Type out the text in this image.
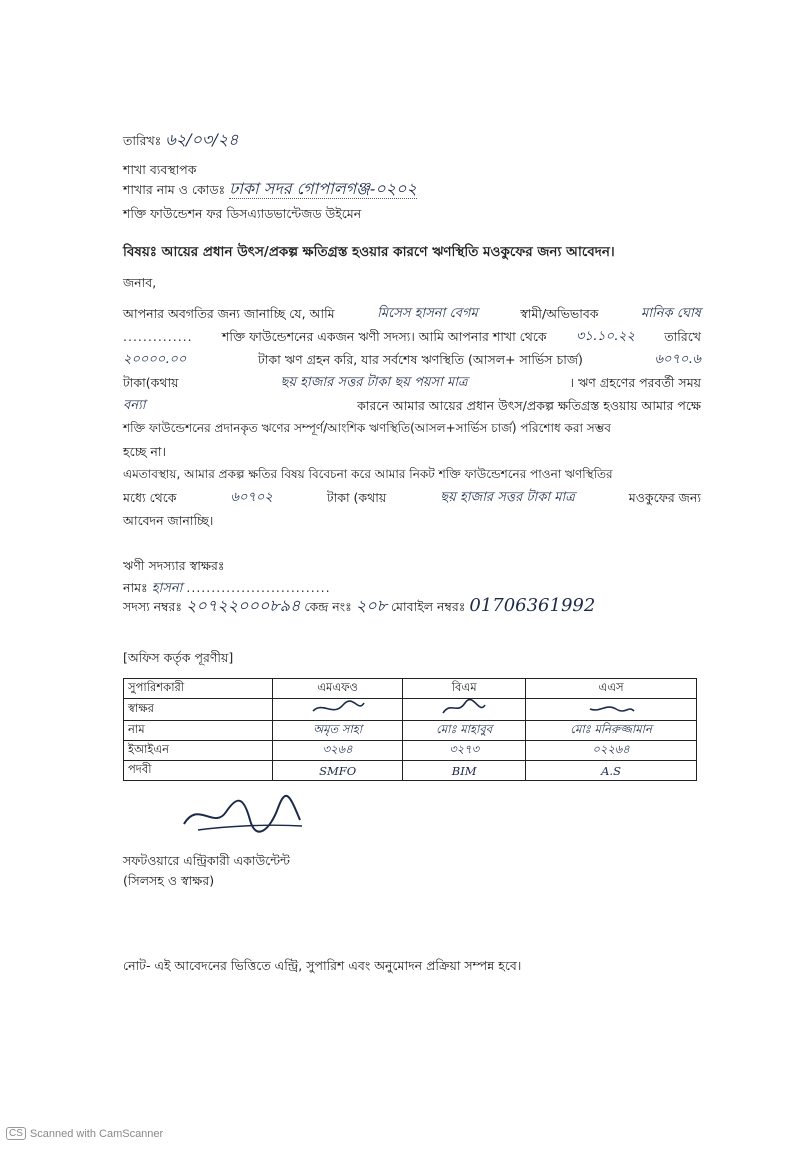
তারিখঃ ৬২/০৩/২৪
শাখা ব্যবস্থাপক
শাখার নাম ও কোডঃ ঢাকা সদর গোপালগঞ্জ-০২০২
শক্তি ফাউন্ডেশন ফর ডিসএ্যাডভান্টেজড উইমেন
বিষয়ঃ আয়ের প্রধান উৎস/প্রকল্প ক্ষতিগ্রস্ত হওয়ার কারণে ঋণস্থিতি মওকুফের জন্য আবেদন।
জনাব,
আপনার অবগতির জন্য জানাচ্ছি যে, আমি	মিসেস হাসনা বেগম	স্বামী/অভিভাবক	মানিক ঘোষ
.............. শক্তি ফাউন্ডেশনের একজন ঋণী সদস্য। আমি আপনার শাখা থেকে ৩১.১০.২২ তারিখে
২০০০০.০০	টাকা ঋণ গ্রহন করি, যার সর্বশেষ ঋণস্থিতি (আসল+ সার্ভিস চার্জ)	৬০৭০.৬
টাকা(কথায়	ছয় হাজার সত্তর টাকা ছয় পয়সা মাত্র	। ঋণ গ্রহণের পরবর্তী সময়
বন্যা	কারনে আমার আয়ের প্রধান উৎস/প্রকল্প ক্ষতিগ্রস্ত হওয়ায় আমার পক্ষে
শক্তি ফাউন্ডেশনের প্রদানকৃত ঋণের সম্পূর্ণ/আংশিক ঋণস্থিতি(আসল+সার্ভিস চার্জ) পরিশোধ করা সম্ভব
হচ্ছে না।
এমতাবস্থায়, আমার প্রকল্প ক্ষতির বিষয় বিবেচনা করে আমার নিকট শক্তি ফাউন্ডেশনের পাওনা ঋণস্থিতির
মধ্যে থেকে	৬০৭০২	টাকা (কথায়	ছয় হাজার সত্তর টাকা মাত্র	মওকুফের জন্য
আবেদন জানাচ্ছি।
ঋণী সদস্যার স্বাক্ষরঃ
নামঃ হাসনা .............................
সদস্য নম্বরঃ ২০৭২২০০০৮৯৪ কেন্দ্র নংঃ ২০৮ মোবাইল নম্বরঃ 01706361992
[অফিস কর্তৃক পূরণীয়]
সুপারিশকারী	এমএফও	বিএম	এএস
স্বাক্ষর			
নাম	অমৃত সাহা	মোঃ মাহাবুব	মোঃ মনিরুজ্জামান
ইআইএন	৩২৬৪	৩২৭৩	০২২৬৪
পদবী	SMFO	BIM	A.S
সফটওয়ারে এন্ট্রিকারী একাউন্টেন্ট
(সিলসহ ও স্বাক্ষর)
নোট- এই আবেদনের ভিত্তিতে এন্ট্রি, সুপারিশ এবং অনুমোদন প্রক্রিয়া সম্পন্ন হবে।
CS Scanned with CamScanner
